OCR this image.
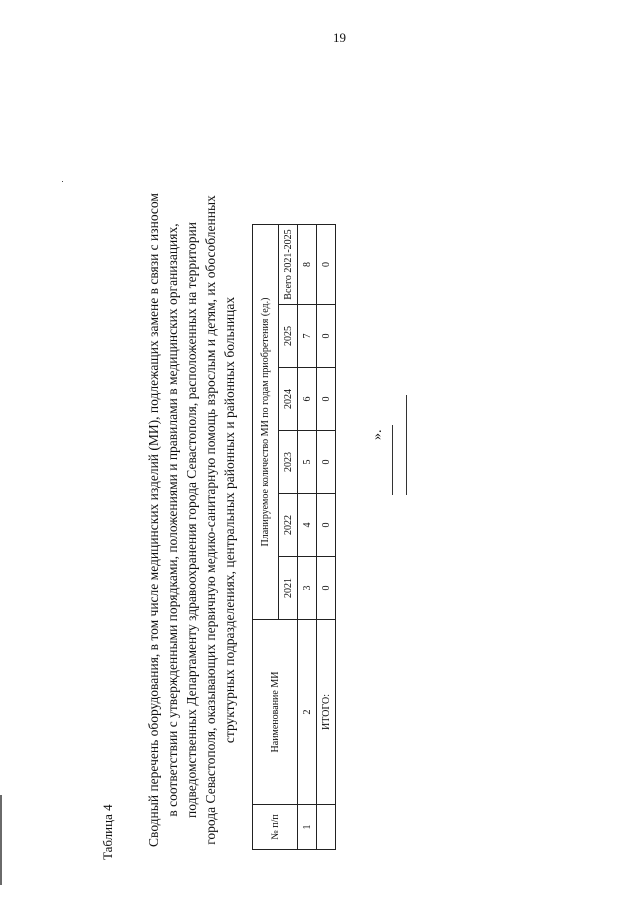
19
Таблица 4 Сводный перечень оборудования, в том числе медицинских изделий (МИ), подлежащих замене в связи с износом в соответствии с утвержденными порядками, положениями и правилами в медицинских организациях, подведомственных Департаменту здравоохранения города Севастополя, расположенных на территории города Севастополя, оказывающих первичную медико-санитарную помощь взрослым и детям, их обособленных структурных подразделениях, центральных районных и районных больницах
№ п/п	Наименование МИ	Планируемое количество МИ по годам приобретения (ед.)					
		2021	2022	2023	2024	2025	Всего 2021-2025
1	2	3	4	5	6	7	8
	ИТОГО:	0	0	0	0	0	0
».
